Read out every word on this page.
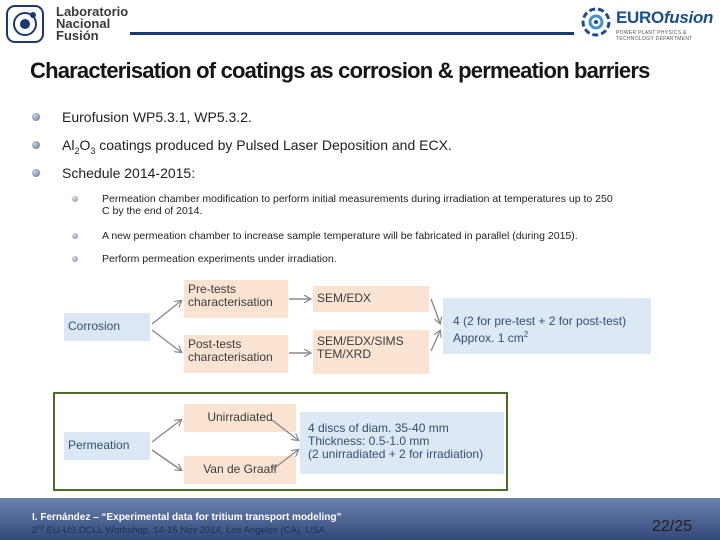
Laboratorio
Nacional
Fusión
EUROfusion
POWER PLANT PHYSICS &
TECHNOLOGY DEPARTMENT
Characterisation of coatings as corrosion & permeation barriers
Eurofusion WP5.3.1, WP5.3.2.
$Al_2O_3$ coatings produced by Pulsed Laser Deposition and ECX.
Schedule 2014-2015:
Permeation chamber modification to perform initial measurements during irradiation at temperatures up to 250
C by the end of 2014.
A new permeation chamber to increase sample temperature will be fabricated in parallel (during 2015).
Perform permeation experiments under irradiation.
Corrosion
Pre-tests
characterisation
Post-tests
characterisation
SEM/EDX
SEM/EDX/SIMS
TEM/XRD
4 (2 for pre-test + 2 for post-test)
Approx. 1 $cm^2$
Permeation
Unirradiated
Van de Graaff
4 discs of diam. 35-40 mm
Thickness: 0.5-1.0 mm
(2 unirradiated + 2 for irradiation)
I. Fernández – “Experimental data for tritium transport modeling”
2nd EU-US DCLL Workshop, 14-15 Nov 2014, Los Angeles (CA), USA.	22/25
